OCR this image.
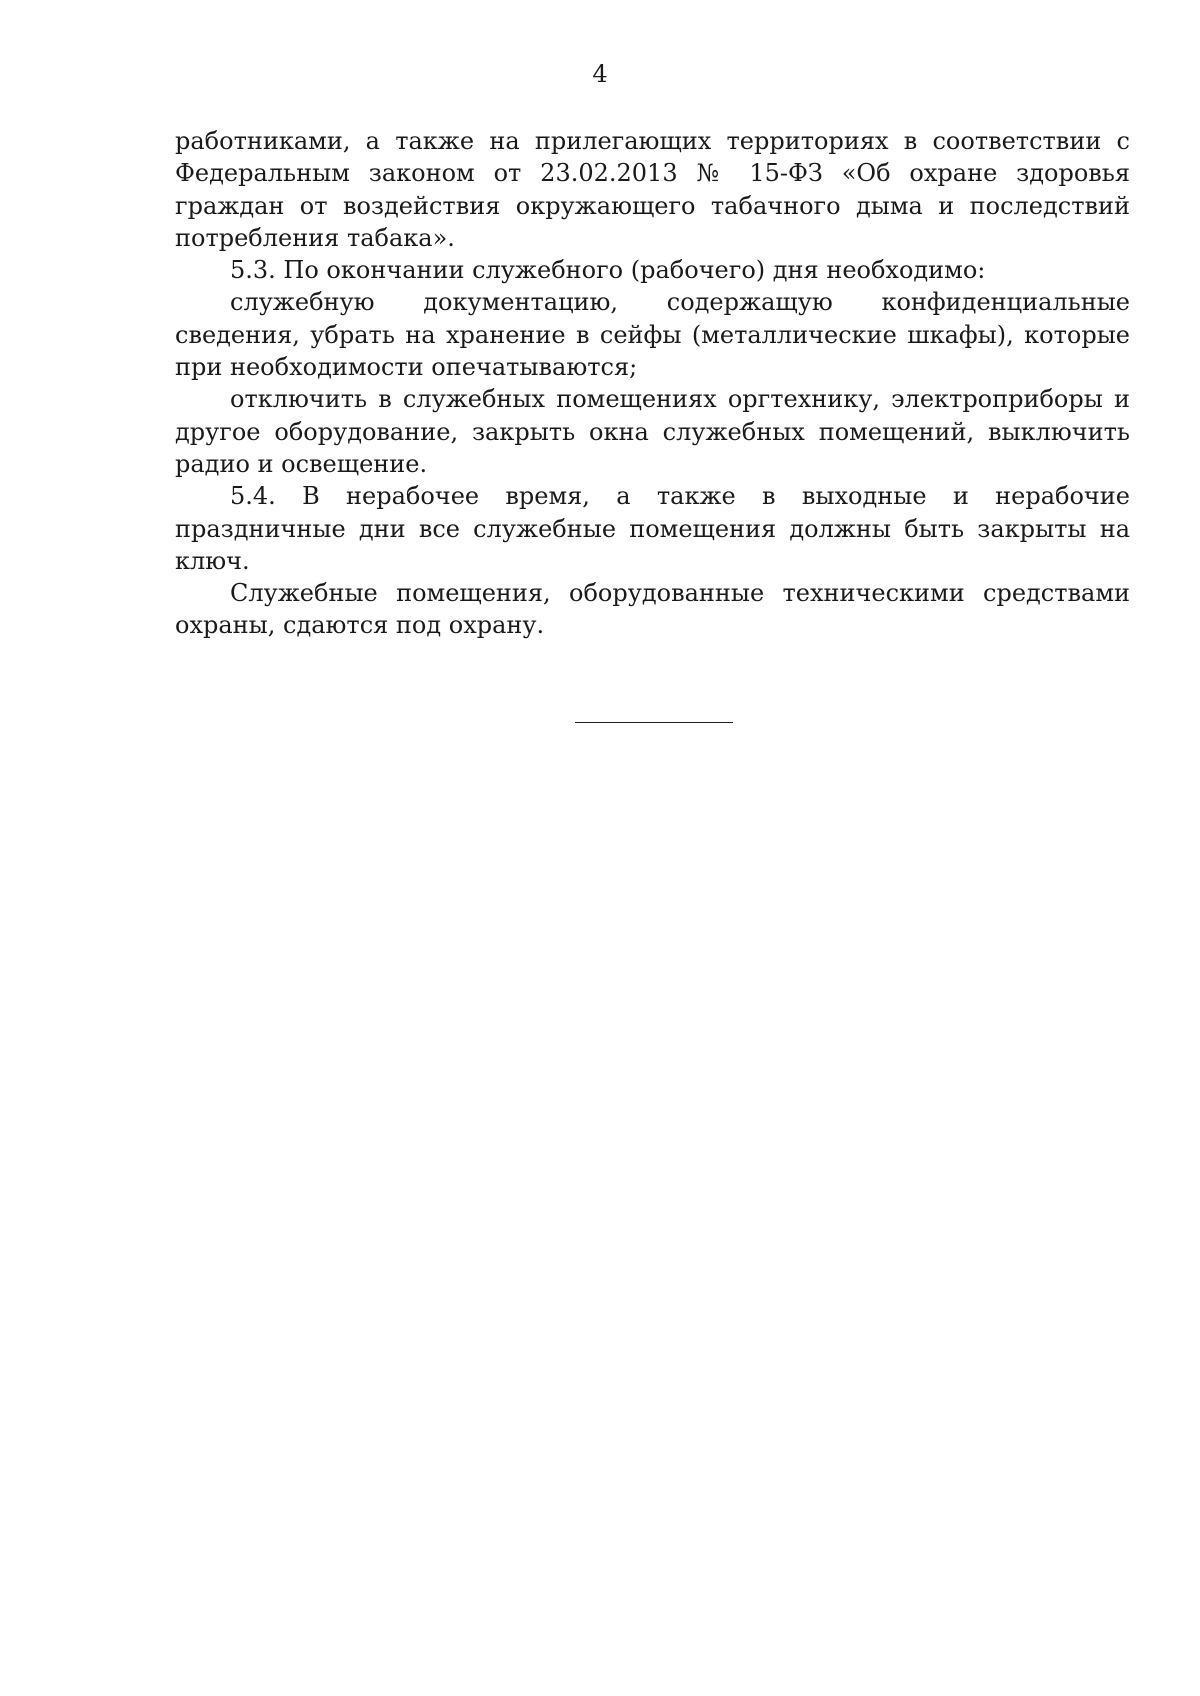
4

работниками, а также на прилегающих территориях в соответствии с Федеральным законом от 23.02.2013 № 15-ФЗ «Об охране здоровья граждан от воздействия окружающего табачного дыма и последствий потребления табака».

5.3. По окончании служебного (рабочего) дня необходимо:

служебную документацию, содержащую конфиденциальные сведения, убрать на хранение в сейфы (металлические шкафы), которые при необходимости опечатываются;

отключить в служебных помещениях оргтехнику, электроприборы и другое оборудование, закрыть окна служебных помещений, выключить радио и освещение.

5.4. В нерабочее время, а также в выходные и нерабочие праздничные дни все служебные помещения должны быть закрыты на ключ.

Служебные помещения, оборудованные техническими средствами охраны, сдаются под охрану.
